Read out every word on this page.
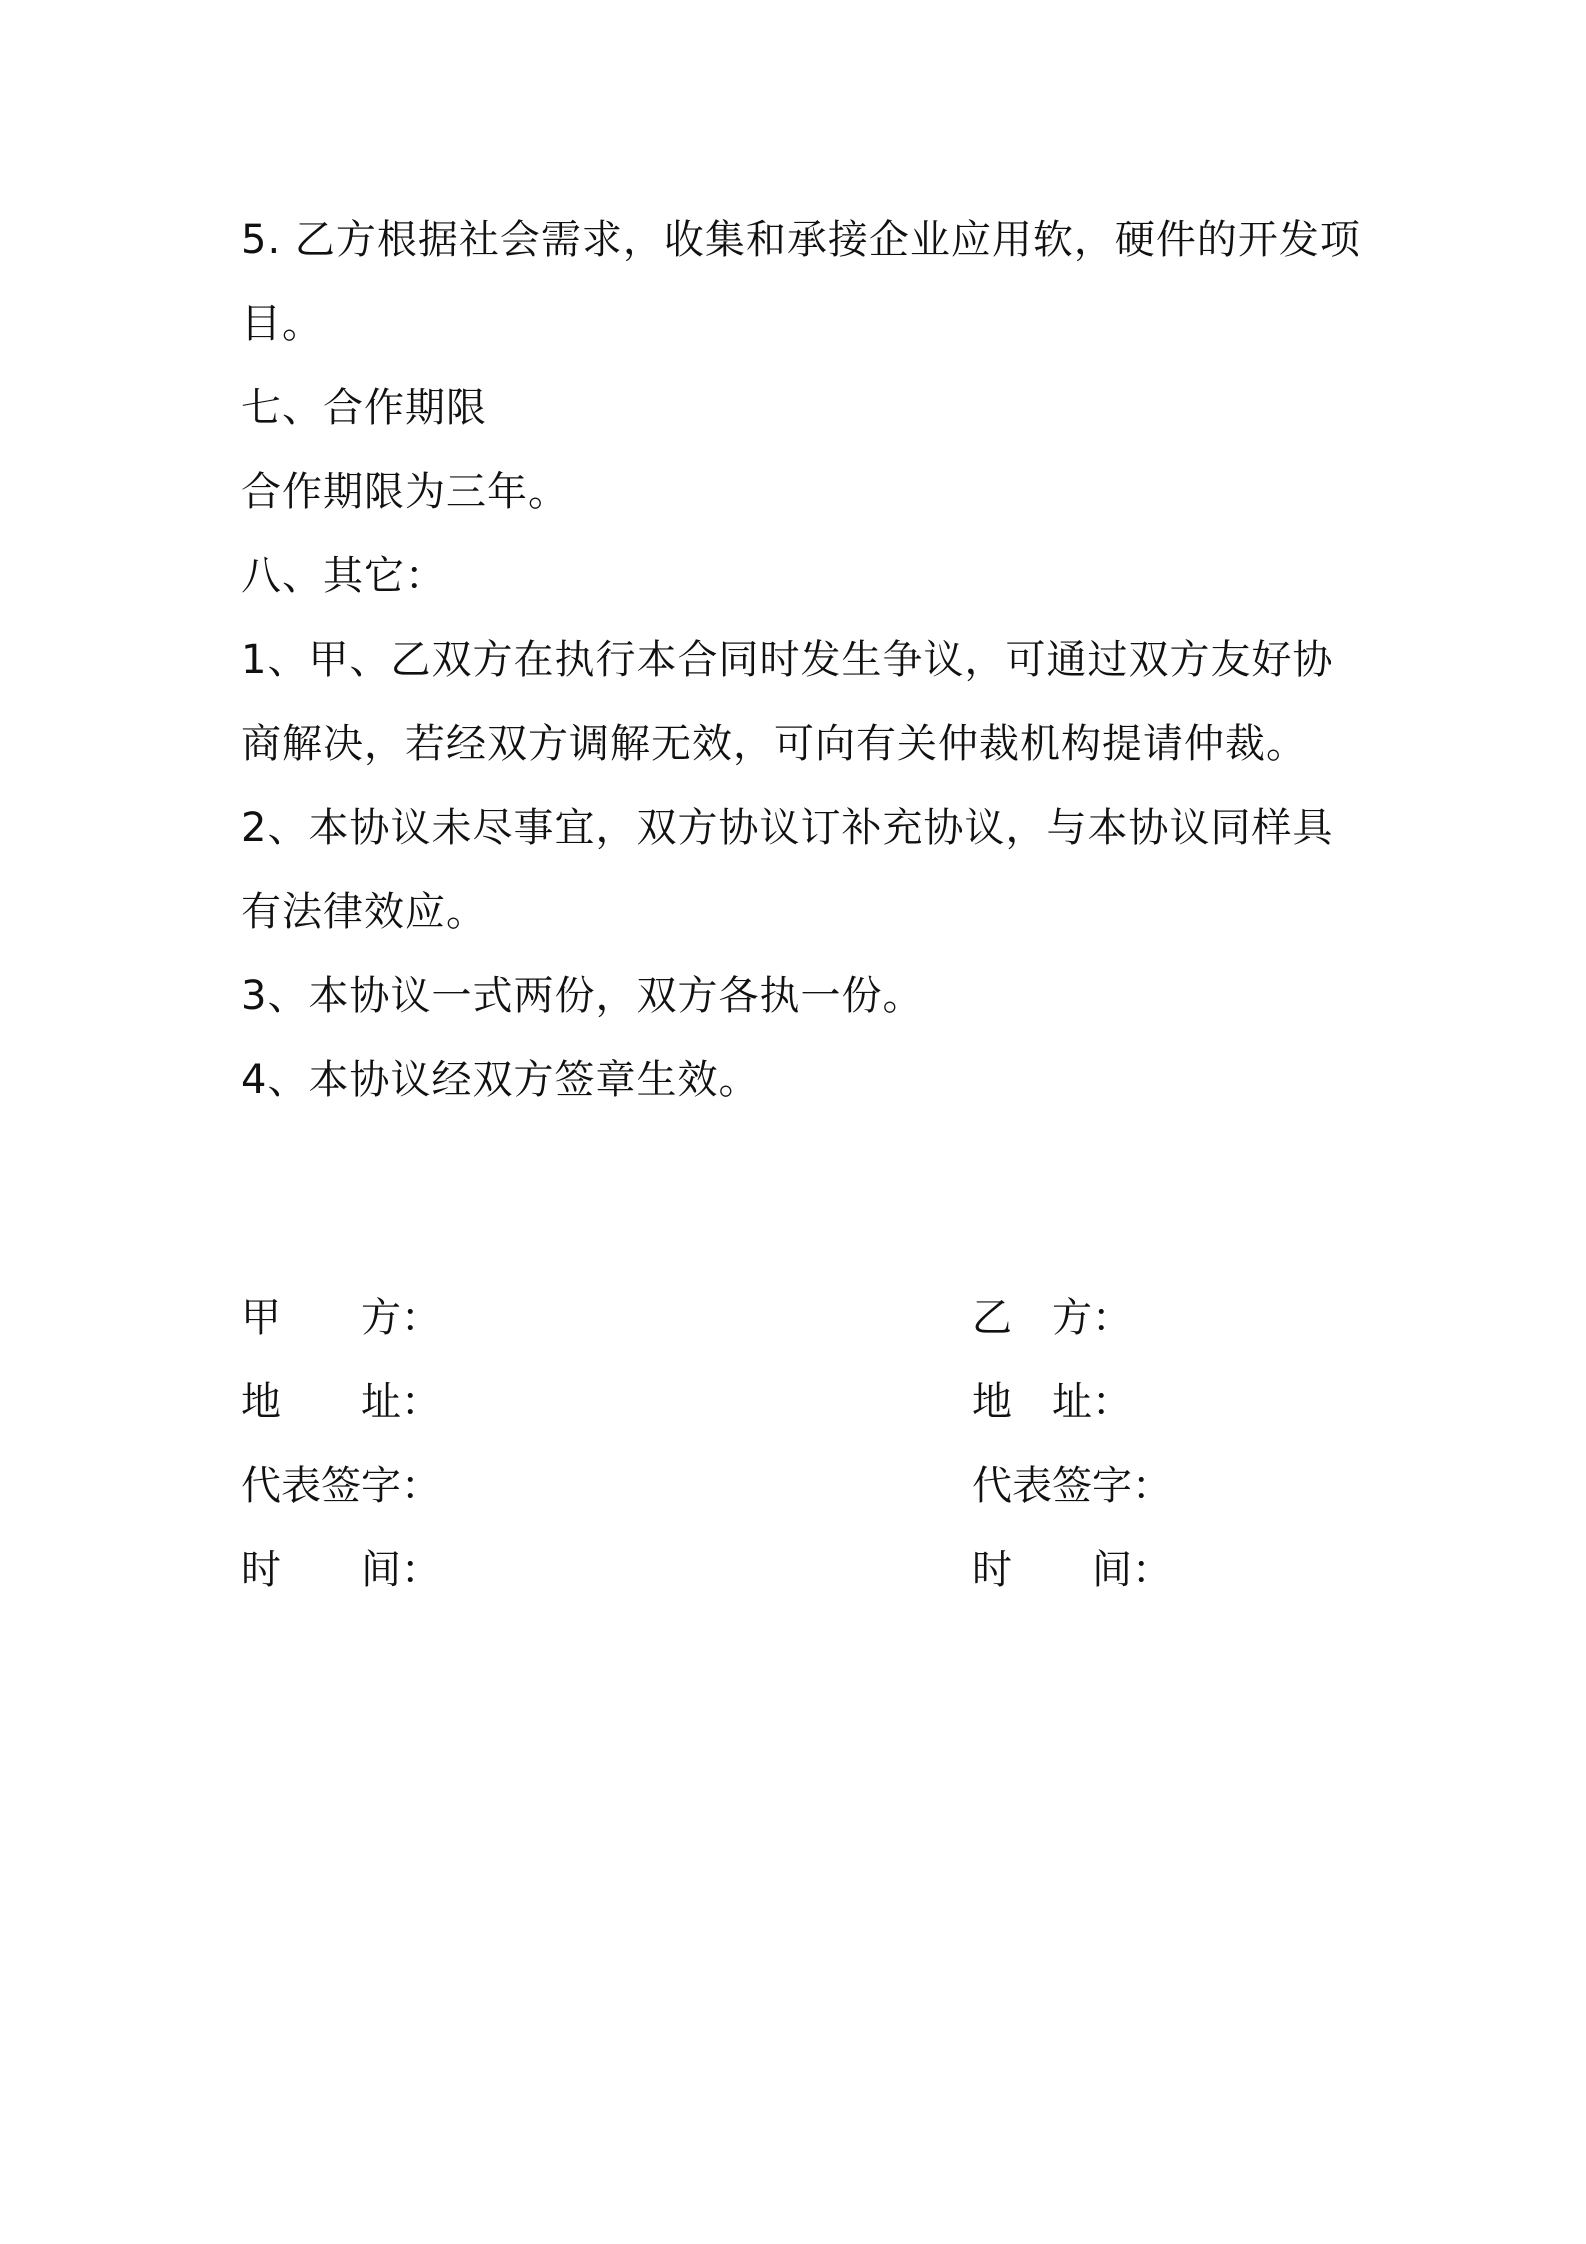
5. 乙方根据社会需求，收集和承接企业应用软，硬件的开发项目。

七、合作期限

合作期限为三年。

八、其它：

1、甲、乙双方在执行本合同时发生争议，可通过双方友好协商解决，若经双方调解无效，可向有关仲裁机构提请仲裁。

2、本协议未尽事宜，双方协议订补充协议，与本协议同样具有法律效应。

3、本协议一式两份，双方各执一份。

4、本协议经双方签章生效。

甲　　方：
地　　址：
代表签字：
时　　间：
乙　方：
地　址：
代表签字：
时　　间：
